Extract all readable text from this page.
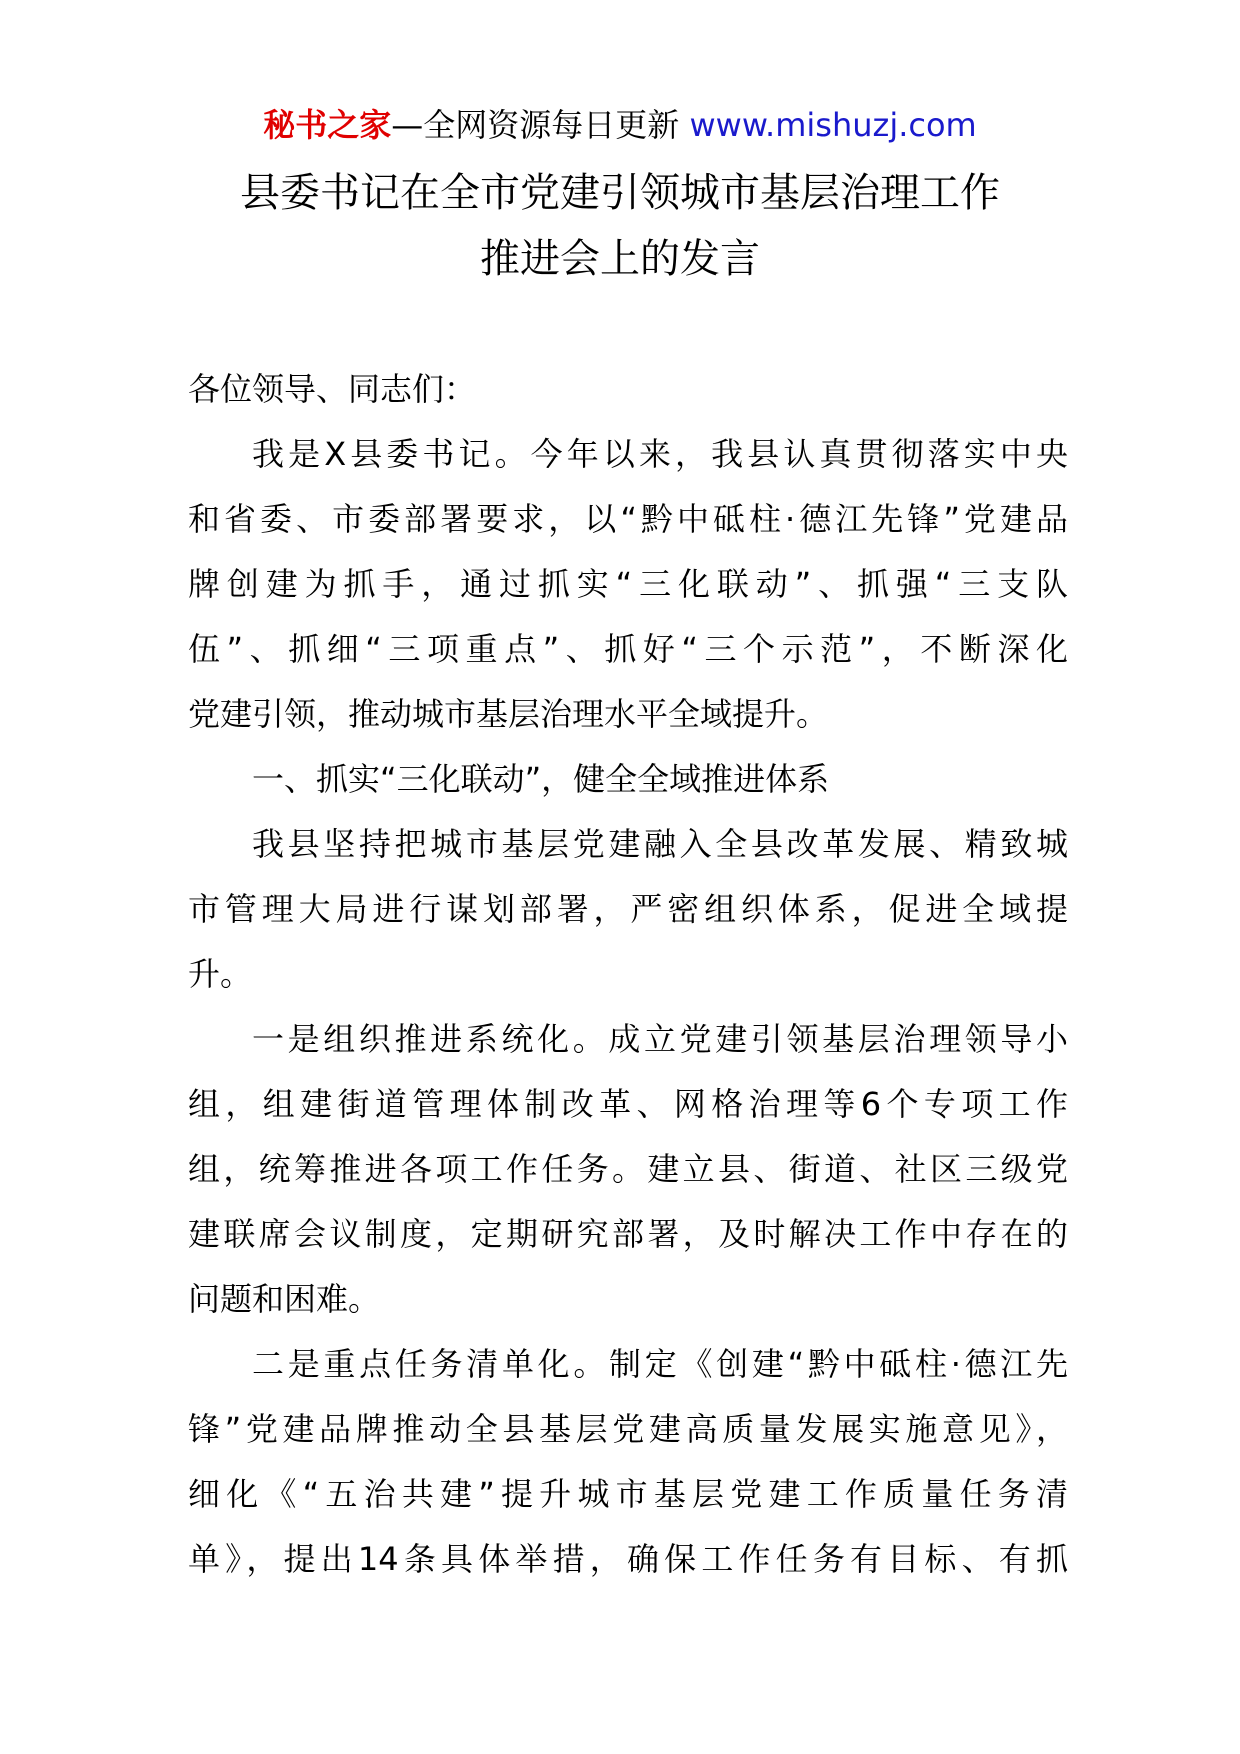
秘书之家—全网资源每日更新 www.mishuzj.com
县委书记在全市党建引领城市基层治理工作
推进会上的发言
各位领导、同志们：
我是X县委书记。今年以来，我县认真贯彻落实中央
和省委、市委部署要求，以“黔中砥柱·德江先锋”党建品
牌创建为抓手，通过抓实“三化联动”、抓强“三支队
伍”、抓细“三项重点”、抓好“三个示范”，不断深化
党建引领，推动城市基层治理水平全域提升。
一、抓实“三化联动”，健全全域推进体系
我县坚持把城市基层党建融入全县改革发展、精致城
市管理大局进行谋划部署，严密组织体系，促进全域提
升。
一是组织推进系统化。成立党建引领基层治理领导小
组，组建街道管理体制改革、网格治理等6个专项工作
组，统筹推进各项工作任务。建立县、街道、社区三级党
建联席会议制度，定期研究部署，及时解决工作中存在的
问题和困难。
二是重点任务清单化。制定《创建“黔中砥柱·德江先
锋”党建品牌推动全县基层党建高质量发展实施意见》，
细化《“五治共建”提升城市基层党建工作质量任务清
单》，提出14条具体举措，确保工作任务有目标、有抓
